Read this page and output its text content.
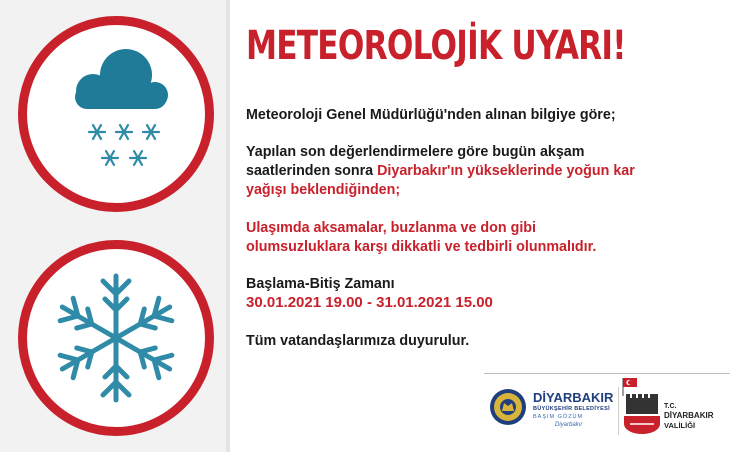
METEOROLOJİK UYARI!
Meteoroloji Genel Müdürlüğü'nden alınan bilgiye göre;
Yapılan son değerlendirmelere göre bugün akşam
saatlerinden sonra Diyarbakır'ın yükseklerinde yoğun kar
yağışı beklendiğinden;
Ulaşımda aksamalar, buzlanma ve don gibi
olumsuzluklara karşı dikkatli ve tedbirli olunmalıdır.
Başlama-Bitiş Zamanı
30.01.2021 19.00 - 31.01.2021 15.00
Tüm vatandaşlarımıza duyurulur.
DİYARBAKIR
BÜYÜKŞEHİR BELEDİYESİ
BAŞIM GÖZÜM
Diyarbakır
T.C.
DİYARBAKIR
VALİLİĞİ
